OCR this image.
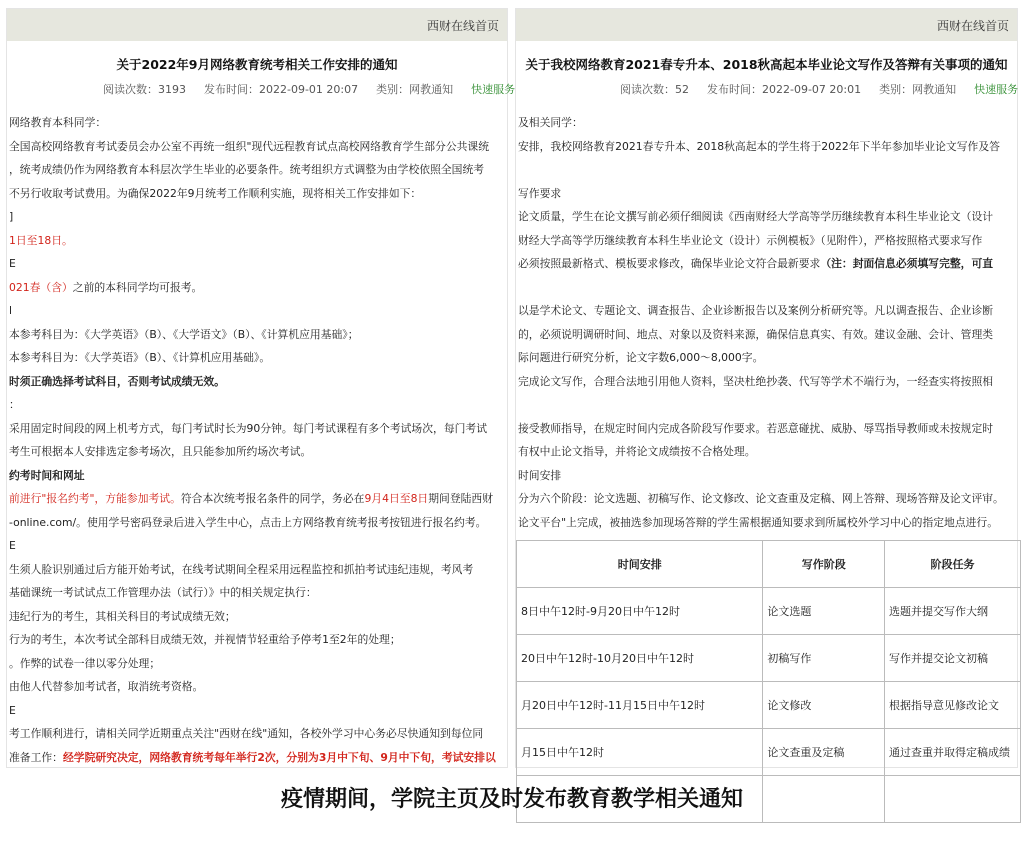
西财在线首页
关于2022年9月网络教育统考相关工作安排的通知
阅读次数：3193 发布时间：2022-09-01 20:07 类别：网教通知 快速服务
网络教育本科同学：
全国高校网络教育考试委员会办公室不再统一组织"现代远程教育试点高校网络教育学生部分公共课统
，统考成绩仍作为网络教育本科层次学生毕业的必要条件。统考组织方式调整为由学校依照全国统考
不另行收取考试费用。为确保2022年9月统考工作顺利实施，现将相关工作安排如下：
]
1日至18日。
E
021春（含）之前的本科同学均可报考。
l
本参考科目为：《大学英语》（B）、《大学语文》（B）、《计算机应用基础》；
本参考科目为：《大学英语》（B）、《计算机应用基础》。
时须正确选择考试科目，否则考试成绩无效。
：
采用固定时间段的网上机考方式，每门考试时长为90分钟。每门考试课程有多个考试场次，每门考试
考生可根据本人安排选定参考场次，且只能参加所约场次考试。
约考时间和网址
前进行"报名约考"，方能参加考试。符合本次统考报名条件的同学，务必在9月4日至8日期间登陆西财
-online.com/。使用学号密码登录后进入学生中心，点击上方网络教育统考报考按钮进行报名约考。
E
生须人脸识别通过后方能开始考试，在线考试期间全程采用远程监控和抓拍考试违纪违规，考风考
基础课统一考试试点工作管理办法（试行）》中的相关规定执行：
违纪行为的考生，其相关科目的考试成绩无效；
行为的考生，本次考试全部科目成绩无效，并视情节轻重给予停考1至2年的处理；
。作弊的试卷一律以零分处理；
由他人代替参加考试者，取消统考资格。
E
考工作顺利进行，请相关同学近期重点关注"西财在线"通知，各校外学习中心务必尽快通知到每位同
准备工作：经学院研究决定，网络教育统考每年举行2次，分别为3月中下旬、9月中下旬，考试安排以
西财在线首页
关于我校网络教育2021春专升本、2018秋高起本毕业论文写作及答辩有关事项的通知
阅读次数：52 发布时间：2022-09-07 20:01 类别：网教通知 快速服务
及相关同学：
安排，我校网络教育2021春专升本、2018秋高起本的学生将于2022年下半年参加毕业论文写作及答

写作要求
论文质量，学生在论文撰写前必须仔细阅读《西南财经大学高等学历继续教育本科生毕业论文（设计
财经大学高等学历继续教育本科生毕业论文（设计）示例模板》（见附件），严格按照格式要求写作
必须按照最新格式、模板要求修改，确保毕业论文符合最新要求（注：封面信息必须填写完整，可直

以是学术论文、专题论文、调查报告、企业诊断报告以及案例分析研究等。凡以调查报告、企业诊断
的，必须说明调研时间、地点、对象以及资料来源，确保信息真实、有效。建议金融、会计、管理类
际问题进行研究分析，论文字数6,000～8,000字。
完成论文写作，合理合法地引用他人资料，坚决杜绝抄袭、代写等学术不端行为，一经查实将按照相

接受教师指导，在规定时间内完成各阶段写作要求。若恶意碰扰、威胁、辱骂指导教师或未按规定时
有权中止论文指导，并将论文成绩按不合格处理。
时间安排
分为六个阶段：论文选题、初稿写作、论文修改、论文查重及定稿、网上答辩、现场答辩及论文评审。
论文平台"上完成，被抽选参加现场答辩的学生需根据通知要求到所属校外学习中心的指定地点进行。
时间安排	写作阶段	阶段任务
8日中午12时-9月20日中午12时	论文选题	选题并提交写作大纲
20日中午12时-10月20日中午12时	初稿写作	写作并提交论文初稿
月20日中午12时-11月15日中午12时	论文修改	根据指导意见修改论文
月15日中午12时	论文查重及定稿	通过查重并取得定稿成绩

疫情期间，学院主页及时发布教育教学相关通知
